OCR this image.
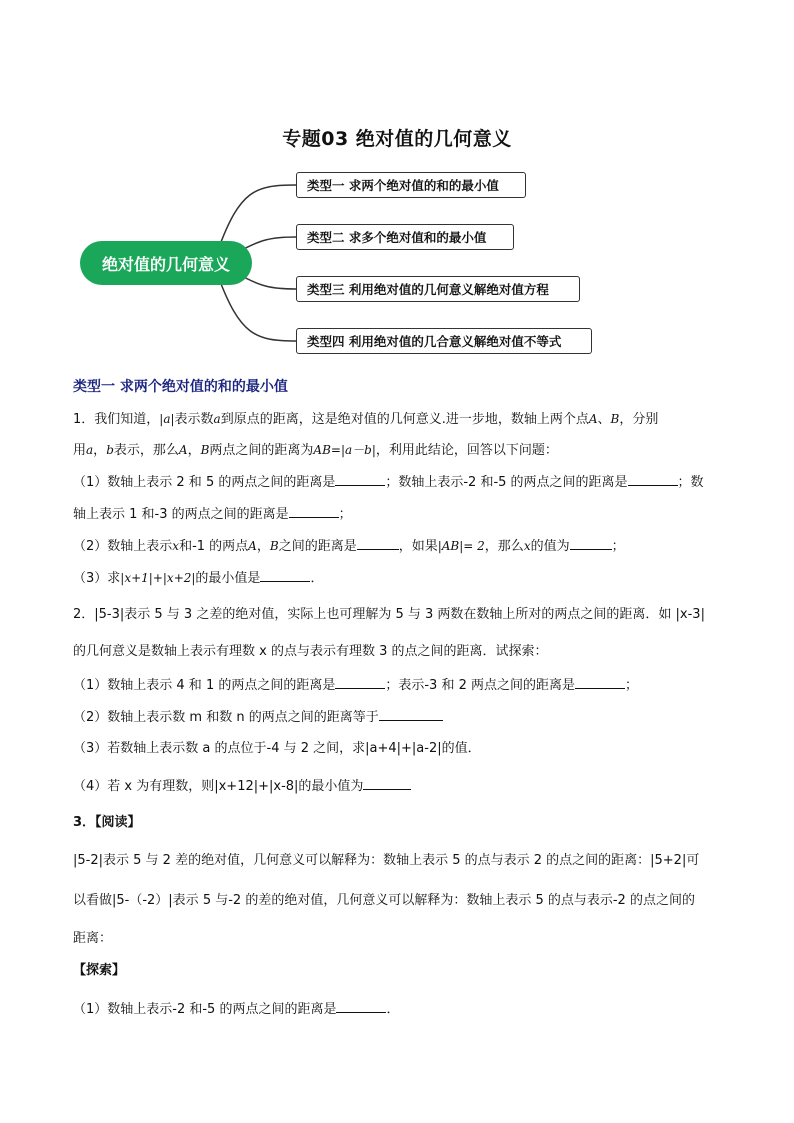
专题03 绝对值的几何意义
绝对值的几何意义
类型一 求两个绝对值的和的最小值
类型二 求多个绝对值和的最小值
类型三 利用绝对值的几何意义解绝对值方程
类型四 利用绝对值的几合意义解绝对值不等式
类型一 求两个绝对值的和的最小值
1．我们知道，|a|表示数a到原点的距离，这是绝对值的几何意义.进一步地，数轴上两个点A、B，分别
用a，b表示，那么A，B两点之间的距离为AB=|a－b|，利用此结论，回答以下问题：
（1）数轴上表示 2 和 5 的两点之间的距离是	；数轴上表示-2 和-5 的两点之间的距离是	；数
轴上表示 1 和-3 的两点之间的距离是	；
（2）数轴上表示x和-1 的两点A，B之间的距离是	，如果|AB|= 2，那么x的值为	；
（3）求|x+1|+|x+2|的最小值是	．
2．|5-3|表示 5 与 3 之差的绝对值，实际上也可理解为 5 与 3 两数在数轴上所对的两点之间的距离．如 |x-3|
的几何意义是数轴上表示有理数 x 的点与表示有理数 3 的点之间的距离．试探索：
（1）数轴上表示 4 和 1 的两点之间的距离是	；表示-3 和 2 两点之间的距离是	；
（2）数轴上表示数 m 和数 n 的两点之间的距离等于
（3）若数轴上表示数 a 的点位于-4 与 2 之间，求|a+4|+|a-2|的值．
（4）若 x 为有理数，则|x+12|+|x-8|的最小值为
3．【阅读】
|5-2|表示 5 与 2 差的绝对值，几何意义可以解释为：数轴上表示 5 的点与表示 2 的点之间的距离：|5+2|可
以看做|5-（-2）|表示 5 与-2 的差的绝对值，几何意义可以解释为：数轴上表示 5 的点与表示-2 的点之间的
距离：
【探索】
（1）数轴上表示-2 和-5 的两点之间的距离是	．
